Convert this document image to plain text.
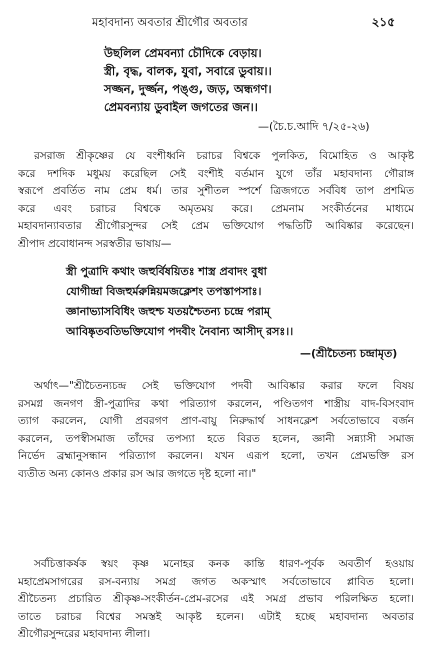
মহাবদান্য অবতার শ্রীগৌর অবতার	২১৫
উছলিল প্রেমবন্যা চৌদিকে বেড়ায়।
স্ত্রী, বৃদ্ধ, বালক, যুবা, সবারে ডুবায়।।
সজ্জন, দুর্জ্জন, পঙ্গু, জড়, অন্ধগণ।
প্রেমবন্যায় ডুবাইল জগতের জন।।
—(চৈ.চ.আদি ৭/২৫-২৬)
রসরাজ শ্রীকৃষ্ণের যে বংশীধ্বনি চরাচর বিশ্বকে পুলকিত, বিমোহিত ও আকৃষ্ট
করে দশদিক মধুময় করেছিল সেই বংশীই বর্তমান যুগে তাঁর মহাবদান্য গৌরাঙ্গ
স্বরূপে প্রবর্তিত নাম প্রেম ধর্ম। তার সুশীতল স্পর্শে ত্রিজগতে সর্ববিধ তাপ প্রশমিত
করে এবং চরাচর বিশ্বকে অমৃতময় করে। প্রেমনাম সংকীর্তনের মাধ্যমে
মহাবদান্যাবতার শ্রীগৌরসুন্দর সেই প্রেম ভক্তিযোগ পদ্ধতিটি আবিষ্কার করেছেন।
শ্রীপাদ প্রবোধানন্দ সরস্বতীর ভাষায়—
স্ত্রী পুত্রাদি কথাং জহুর্বিষয়িতঃ শাস্ত্র প্রবাদং বুধা
যোগীন্দ্রা বিজহুর্মরুন্নিয়মজক্লেশং তপস্তাপসাঃ।
জ্ঞানাভ্যাসবিধিং জহুশ্চ যতয়শ্চৈতন্য চন্দ্রে পরাম্
আবিষ্কৃতবতিভক্তিযোগ পদবীং নৈবান্য আসীদ্ রসঃ।।
—(শ্রীচৈতন্য চন্দ্রামৃত)
অর্থাৎ—"শ্রীচৈতন্যচন্দ্র সেই ভক্তিযোগ পদবী আবিষ্কার করার ফলে বিষয়
রসমগ্ন জনগণ স্ত্রী-পুত্রাদির কথা পরিত্যাগ করলেন, পণ্ডিতগণ শাস্ত্রীয় বাদ-বিসংবাদ
ত্যাগ করলেন, যোগী প্রবরগণ প্রাণ-বায়ু নিরুদ্ধার্থ সাধনক্লেশ সর্বতোভাবে বর্জন
করলেন, তপস্বীসমাজ তাঁদের তপস্যা হতে বিরত হলেন, জ্ঞানী সন্ন্যাসী সমাজ
নির্ভেদ ব্রহ্মানুসন্ধান পরিত্যাগ করলেন। যখন এরূপ হলো, তখন প্রেমভক্তি রস
ব্যতীত অন্য কোনও প্রকার রস আর জগতে দৃষ্ট হলো না।"
সর্বচিত্তাকর্ষক স্বয়ং কৃষ্ণ মনোহর কনক কান্তি ধারণ-পূর্বক অবতীর্ণ হওয়ায়
মহাপ্রেমসাগরের রস-বন্যায় সমগ্র জগত অকস্মাৎ সর্বতোভাবে প্লাবিত হলো।
শ্রীচৈতন্য প্রচারিত শ্রীকৃষ্ণ-সংকীর্তন-প্রেম-রসের এই সমগ্র প্রভাব পরিলক্ষিত হলো।
তাতে চরাচর বিশ্বের সমস্তই আকৃষ্ট হলেন। এটাই হচ্ছে মহাবদান্য অবতার
শ্রীগৌরসুন্দরের মহাবদান্য লীলা।
